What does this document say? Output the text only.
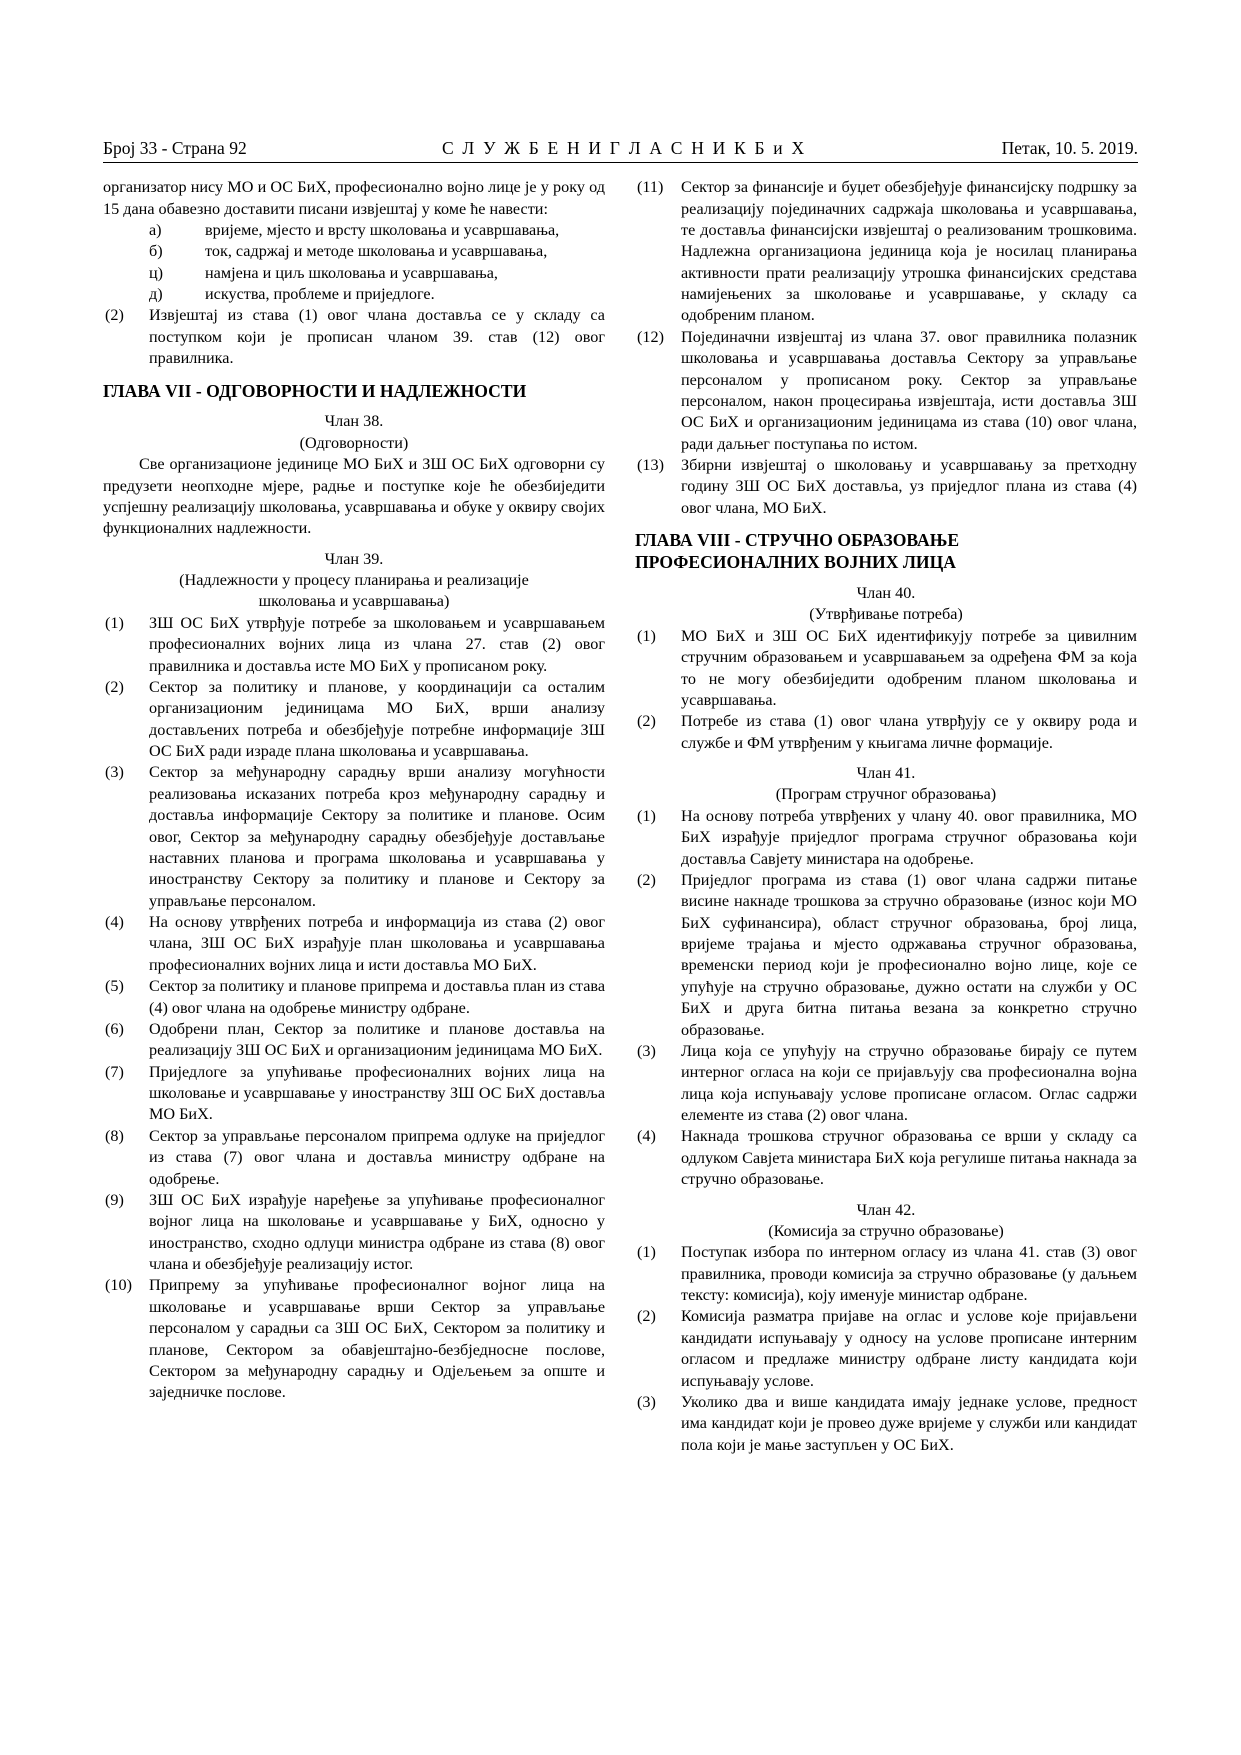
Број 33 - Страна 92	С Л У Ж Б Е Н И Г Л А С Н И К Б и Х	Петак, 10. 5. 2019.
организатор нису МО и ОС БиХ, професионално војно лице је у року од 15 дана обавезно доставити писани извјештај у коме ће навести:
а)	вријеме, мјесто и врсту школовања и усавршавања,
б)	ток, садржај и методе школовања и усавршавања,
ц)	намјена и циљ школовања и усавршавања,
д)	искуства, проблеме и приједлоге.
(2)	Извјештај из става (1) овог члана доставља се у складу са поступком који је прописан чланом 39. став (12) овог правилника.
ГЛАВА VII - ОДГОВОРНОСТИ И НАДЛЕЖНОСТИ
Члан 38.
(Одговорности)
Све организационе јединице МО БиХ и ЗШ ОС БиХ одговорни су предузети неопходне мјере, радње и поступке које ће обезбиједити успјешну реализацију школовања, усавршавања и обуке у оквиру својих функционалних надлежности.
Члан 39.
(Надлежности у процесу планирања и реализације
школовања и усавршавања)
(1)	ЗШ ОС БиХ утврђује потребе за школовањем и усавршавањем професионалних војних лица из члана 27. став (2) овог правилника и доставља исте МО БиХ у прописаном року.
(2)	Сектор за политику и планове, у координацији са осталим организационим јединицама МО БиХ, врши анализу достављених потреба и обезбјеђује потребне информације ЗШ ОС БиХ ради израде плана школовања и усавршавања.
(3)	Сектор за међународну сарадњу врши анализу могућности реализовања исказаних потреба кроз међународну сарадњу и доставља информације Сектору за политике и планове. Осим овог, Сектор за међународну сарадњу обезбјеђује достављање наставних планова и програма школовања и усавршавања у иностранству Сектору за политику и планове и Сектору за управљање персоналом.
(4)	На основу утврђених потреба и информација из става (2) овог члана, ЗШ ОС БиХ израђује план школовања и усавршавања професионалних војних лица и исти доставља МО БиХ.
(5)	Сектор за политику и планове припрема и доставља план из става (4) овог члана на одобрење министру одбране.
(6)	Одобрени план, Сектор за политике и планове доставља на реализацију ЗШ ОС БиХ и организационим јединицама МО БиХ.
(7)	Приједлоге за упућивање професионалних војних лица на школовање и усавршавање у иностранству ЗШ ОС БиХ доставља МО БиХ.
(8)	Сектор за управљање персоналом припрема одлуке на приједлог из става (7) овог члана и доставља министру одбране на одобрење.
(9)	ЗШ ОС БиХ израђује наређење за упућивање професионалног војног лица на школовање и усавршавање у БиХ, односно у иностранство, сходно одлуци министра одбране из става (8) овог члана и обезбјеђује реализацију истог.
(10)	Припрему за упућивање професионалног војног лица на школовање и усавршавање врши Сектор за управљање персоналом у сарадњи са ЗШ ОС БиХ, Сектором за политику и планове, Сектором за обавјештајно-безбједносне послове, Сектором за међународну сарадњу и Одјељењем за опште и заједничке послове.
(11)	Сектор за финансије и буџет обезбјеђује финансијску подршку за реализацију појединачних садржаја школовања и усавршавања, те доставља финансијски извјештај о реализованим трошковима. Надлежна организациона јединица која је носилац планирања активности прати реализацију утрошка финансијских средстава намијењених за школовање и усавршавање, у складу са одобреним планом.
(12)	Појединачни извјештај из члана 37. овог правилника полазник школовања и усавршавања доставља Сектору за управљање персоналом у прописаном року. Сектор за управљање персоналом, након процесирања извјештаја, исти доставља ЗШ ОС БиХ и организационим јединицама из става (10) овог члана, ради даљњег поступања по истом.
(13)	Збирни извјештај о школовању и усавршавању за претходну годину ЗШ ОС БиХ доставља, уз приједлог плана из става (4) овог члана, МО БиХ.
ГЛАВА VIII - СТРУЧНО ОБРАЗОВАЊЕ
ПРОФЕСИОНАЛНИХ ВОЈНИХ ЛИЦА
Члан 40.
(Утврђивање потреба)
(1)	МО БиХ и ЗШ ОС БиХ идентификују потребе за цивилним стручним образовањем и усавршавањем за одређена ФМ за која то не могу обезбиједити одобреним планом школовања и усавршавања.
(2)	Потребе из става (1) овог члана утврђују се у оквиру рода и службе и ФМ утврђеним у књигама личне формације.
Члан 41.
(Програм стручног образовања)
(1)	На основу потреба утврђених у члану 40. овог правилника, МО БиХ израђује приједлог програма стручног образовања који доставља Савјету министара на одобрење.
(2)	Приједлог програма из става (1) овог члана садржи питање висине накнаде трошкова за стручно образовање (износ који МО БиХ суфинансира), област стручног образовања, број лица, вријеме трајања и мјесто одржавања стручног образовања, временски период који је професионално војно лице, које се упућује на стручно образовање, дужно остати на служби у ОС БиХ и друга битна питања везана за конкретно стручно образовање.
(3)	Лица која се упућују на стручно образовање бирају се путем интерног огласа на који се пријављују сва професионална војна лица која испуњавају услове прописане огласом. Оглас садржи елементе из става (2) овог члана.
(4)	Накнада трошкова стручног образовања се врши у складу са одлуком Савјета министара БиХ која регулише питања накнада за стручно образовање.
Члан 42.
(Комисија за стручно образовање)
(1)	Поступак избора по интерном огласу из члана 41. став (3) овог правилника, проводи комисија за стручно образовање (у даљњем тексту: комисија), коју именује министар одбране.
(2)	Комисија разматра пријаве на оглас и услове које пријављени кандидати испуњавају у односу на услове прописане интерним огласом и предлаже министру одбране листу кандидата који испуњавају услове.
(3)	Уколико два и више кандидата имају једнаке услове, предност има кандидат који је провео дуже вријеме у служби или кандидат пола који је мање заступљен у ОС БиХ.
